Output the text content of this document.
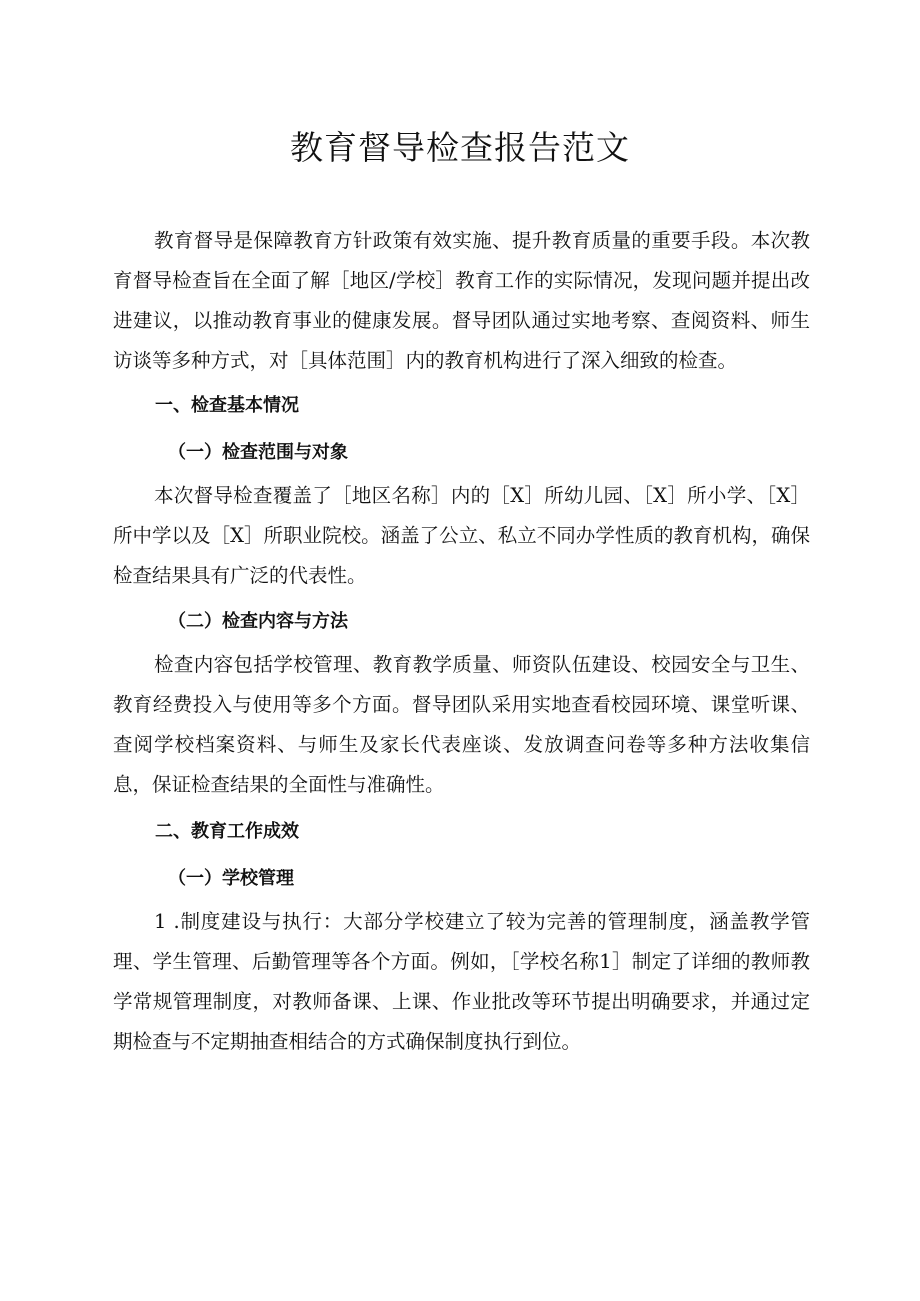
教育督导检查报告范文

教育督导是保障教育方针政策有效实施、提升教育质量的重要手段。本次教育督导检查旨在全面了解［地区/学校］教育工作的实际情况，发现问题并提出改进建议，以推动教育事业的健康发展。督导团队通过实地考察、查阅资料、师生访谈等多种方式，对［具体范围］内的教育机构进行了深入细致的检查。

一、检查基本情况
（一）检查范围与对象

本次督导检查覆盖了［地区名称］内的［X］所幼儿园、［X］所小学、［X］所中学以及［X］所职业院校。涵盖了公立、私立不同办学性质的教育机构，确保检查结果具有广泛的代表性。

（二）检查内容与方法

检查内容包括学校管理、教育教学质量、师资队伍建设、校园安全与卫生、教育经费投入与使用等多个方面。督导团队采用实地查看校园环境、课堂听课、查阅学校档案资料、与师生及家长代表座谈、发放调查问卷等多种方法收集信息，保证检查结果的全面性与准确性。

二、教育工作成效
（一）学校管理

1 .制度建设与执行：大部分学校建立了较为完善的管理制度，涵盖教学管理、学生管理、后勤管理等各个方面。例如，［学校名称1］制定了详细的教师教学常规管理制度，对教师备课、上课、作业批改等环节提出明确要求，并通过定期检查与不定期抽查相结合的方式确保制度执行到位。
